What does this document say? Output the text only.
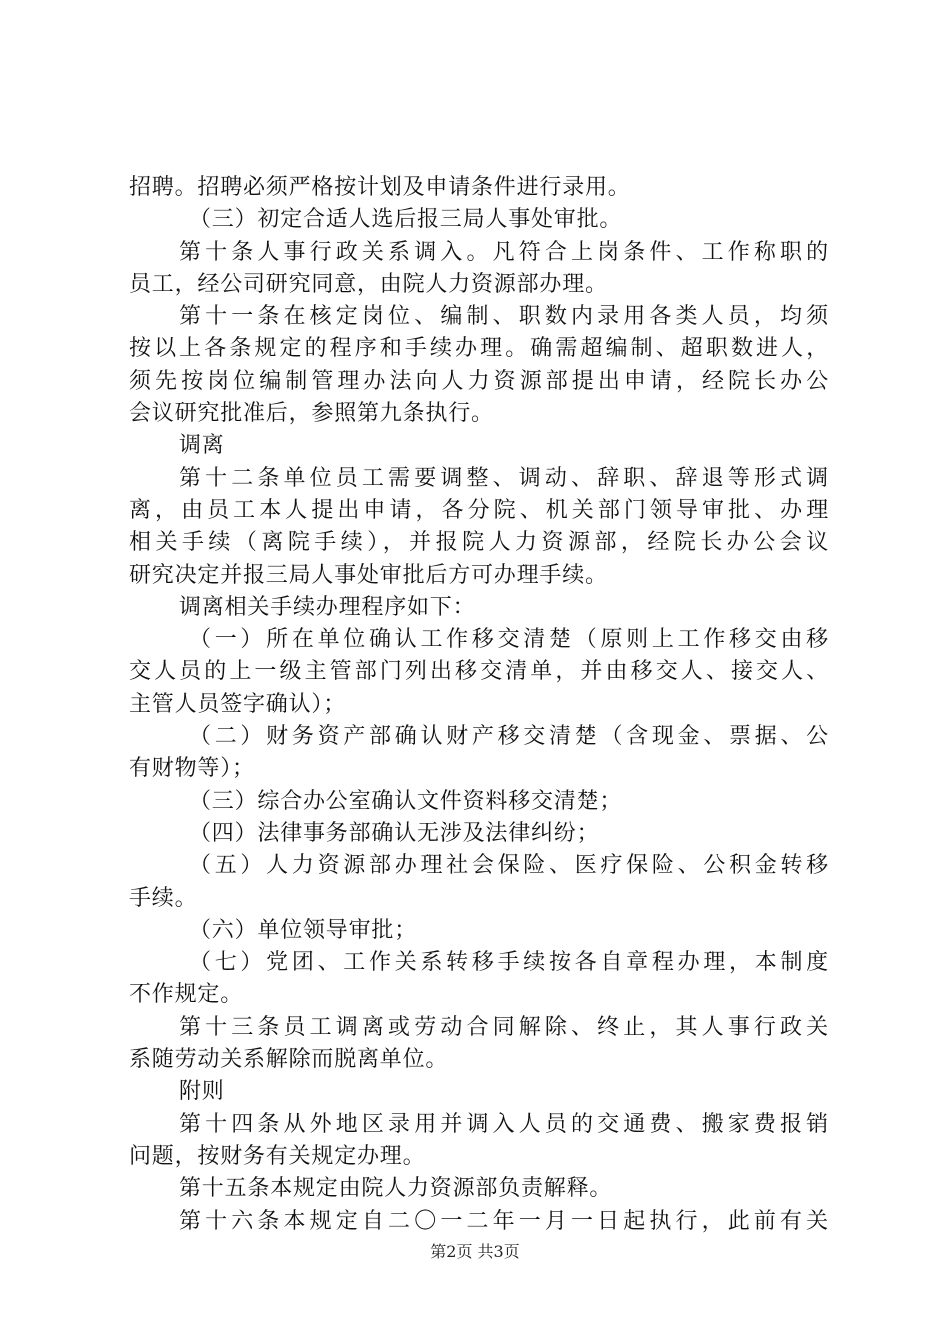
招聘。招聘必须严格按计划及申请条件进行录用。
（三）初定合适人选后报三局人事处审批。
第十条人事行政关系调入。凡符合上岗条件、工作称职的
员工，经公司研究同意，由院人力资源部办理。
第十一条在核定岗位、编制、职数内录用各类人员，均须
按以上各条规定的程序和手续办理。确需超编制、超职数进人，
须先按岗位编制管理办法向人力资源部提出申请，经院长办公
会议研究批准后，参照第九条执行。
调离
第十二条单位员工需要调整、调动、辞职、辞退等形式调
离，由员工本人提出申请，各分院、机关部门领导审批、办理
相关手续（离院手续），并报院人力资源部，经院长办公会议
研究决定并报三局人事处审批后方可办理手续。
调离相关手续办理程序如下：
（一）所在单位确认工作移交清楚（原则上工作移交由移
交人员的上一级主管部门列出移交清单，并由移交人、接交人、
主管人员签字确认）；
（二）财务资产部确认财产移交清楚（含现金、票据、公
有财物等）；
（三）综合办公室确认文件资料移交清楚；
（四）法律事务部确认无涉及法律纠纷；
（五）人力资源部办理社会保险、医疗保险、公积金转移
手续。
（六）单位领导审批；
（七）党团、工作关系转移手续按各自章程办理，本制度
不作规定。
第十三条员工调离或劳动合同解除、终止，其人事行政关
系随劳动关系解除而脱离单位。
附则
第十四条从外地区录用并调入人员的交通费、搬家费报销
问题，按财务有关规定办理。
第十五条本规定由院人力资源部负责解释。
第十六条本规定自二〇一二年一月一日起执行，此前有关
第2页 共3页
